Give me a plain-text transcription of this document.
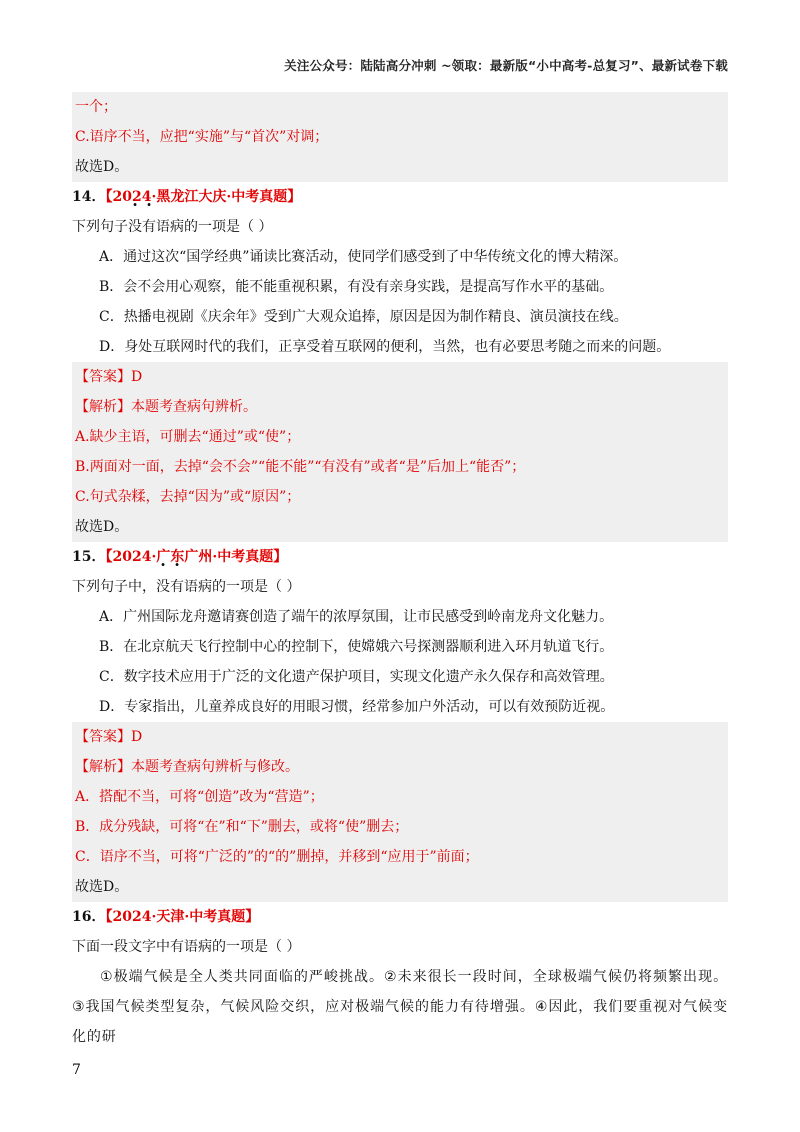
关注公众号：陆陆高分冲刺 ~领取：最新版“小中高考-总复习”、最新试卷下载
一个；
C.语序不当，应把“实施”与“首次”对调；
故选D。
14．【2024·黑龙江大庆·中考真题】
下列句子没有语病的一项是（ ）
A．通过这次“国学经典”诵读比赛活动，使同学们感受到了中华传统文化的博大精深。
B．会不会用心观察，能不能重视积累，有没有亲身实践，是提高写作水平的基础。
C．热播电视剧《庆余年》受到广大观众追捧，原因是因为制作精良、演员演技在线。
D．身处互联网时代的我们，正享受着互联网的便利，当然，也有必要思考随之而来的问题。
【答案】D
【解析】本题考查病句辨析。
A.缺少主语，可删去“通过”或“使”；
B.两面对一面，去掉“会不会”“能不能”“有没有”或者“是”后加上“能否”；
C.句式杂糅，去掉“因为”或“原因”；
故选D。
15．【2024·广东广州·中考真题】
下列句子中，没有语病的一项是（ ）
A．广州国际龙舟邀请赛创造了端午的浓厚氛围，让市民感受到岭南龙舟文化魅力。
B．在北京航天飞行控制中心的控制下，使嫦娥六号探测器顺利进入环月轨道飞行。
C．数字技术应用于广泛的文化遗产保护项目，实现文化遗产永久保存和高效管理。
D．专家指出，儿童养成良好的用眼习惯，经常参加户外活动，可以有效预防近视。
【答案】D
【解析】本题考查病句辨析与修改。
A．搭配不当，可将“创造”改为“营造”；
B．成分残缺，可将“在”和“下”删去，或将“使”删去；
C．语序不当，可将“广泛的”的“的”删掉，并移到“应用于”前面；
故选D。
16．【2024·天津·中考真题】
下面一段文字中有语病的一项是（ ）

①极端气候是全人类共同面临的严峻挑战。②未来很长一段时间，全球极端气候仍将频繁出现。③我国气候类型复杂，气候风险交织，应对极端气候的能力有待增强。④因此，我们要重视对气候变化的研

7
